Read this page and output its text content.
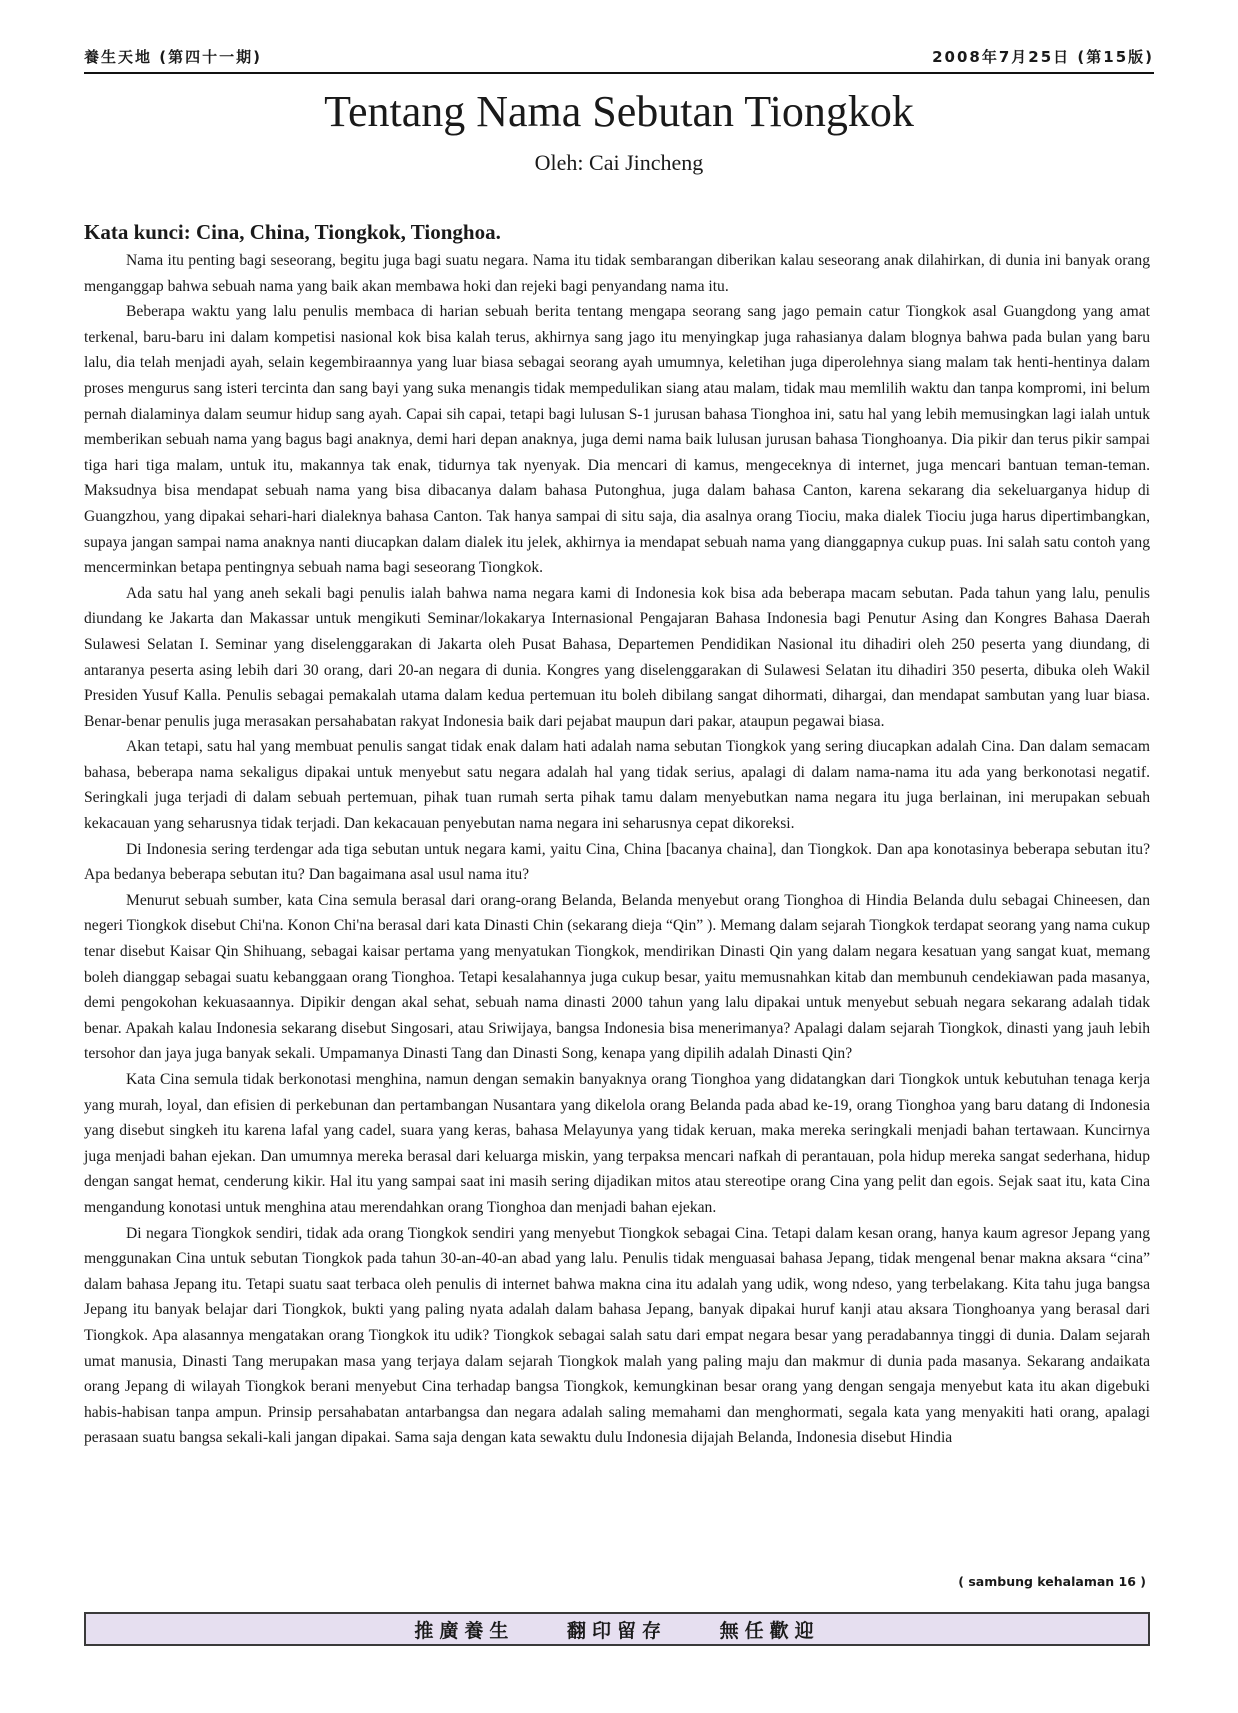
養生天地 (第四十一期)	2008年7月25日 (第15版)
Tentang Nama Sebutan Tiongkok
Oleh: Cai Jincheng
Kata kunci: Cina, China, Tiongkok, Tionghoa.

Nama itu penting bagi seseorang, begitu juga bagi suatu negara. Nama itu tidak sembarangan diberikan kalau seseorang anak dilahirkan, di dunia ini banyak orang menganggap bahwa sebuah nama yang baik akan membawa hoki dan rejeki bagi penyandang nama itu.

Beberapa waktu yang lalu penulis membaca di harian sebuah berita tentang mengapa seorang sang jago pemain catur Tiongkok asal Guangdong yang amat terkenal, baru-baru ini dalam kompetisi nasional kok bisa kalah terus, akhirnya sang jago itu menyingkap juga rahasianya dalam blognya bahwa pada bulan yang baru lalu, dia telah menjadi ayah, selain kegembiraannya yang luar biasa sebagai seorang ayah umumnya, keletihan juga diperolehnya siang malam tak henti-hentinya dalam proses mengurus sang isteri tercinta dan sang bayi yang suka menangis tidak mempedulikan siang atau malam, tidak mau memlilih waktu dan tanpa kompromi, ini belum pernah dialaminya dalam seumur hidup sang ayah. Capai sih capai, tetapi bagi lulusan S-1 jurusan bahasa Tionghoa ini, satu hal yang lebih memusingkan lagi ialah untuk memberikan sebuah nama yang bagus bagi anaknya, demi hari depan anaknya, juga demi nama baik lulusan jurusan bahasa Tionghoanya. Dia pikir dan terus pikir sampai tiga hari tiga malam, untuk itu, makannya tak enak, tidurnya tak nyenyak. Dia mencari di kamus, mengeceknya di internet, juga mencari bantuan teman-teman. Maksudnya bisa mendapat sebuah nama yang bisa dibacanya dalam bahasa Putonghua, juga dalam bahasa Canton, karena sekarang dia sekeluarganya hidup di Guangzhou, yang dipakai sehari-hari dialeknya bahasa Canton. Tak hanya sampai di situ saja, dia asalnya orang Tiociu, maka dialek Tiociu juga harus dipertimbangkan, supaya jangan sampai nama anaknya nanti diucapkan dalam dialek itu jelek, akhirnya ia mendapat sebuah nama yang dianggapnya cukup puas. Ini salah satu contoh yang mencerminkan betapa pentingnya sebuah nama bagi seseorang Tiongkok.

Ada satu hal yang aneh sekali bagi penulis ialah bahwa nama negara kami di Indonesia kok bisa ada beberapa macam sebutan. Pada tahun yang lalu, penulis diundang ke Jakarta dan Makassar untuk mengikuti Seminar/lokakarya Internasional Pengajaran Bahasa Indonesia bagi Penutur Asing dan Kongres Bahasa Daerah Sulawesi Selatan I. Seminar yang diselenggarakan di Jakarta oleh Pusat Bahasa, Departemen Pendidikan Nasional itu dihadiri oleh 250 peserta yang diundang, di antaranya peserta asing lebih dari 30 orang, dari 20-an negara di dunia. Kongres yang diselenggarakan di Sulawesi Selatan itu dihadiri 350 peserta, dibuka oleh Wakil Presiden Yusuf Kalla. Penulis sebagai pemakalah utama dalam kedua pertemuan itu boleh dibilang sangat dihormati, dihargai, dan mendapat sambutan yang luar biasa. Benar-benar penulis juga merasakan persahabatan rakyat Indonesia baik dari pejabat maupun dari pakar, ataupun pegawai biasa.

Akan tetapi, satu hal yang membuat penulis sangat tidak enak dalam hati adalah nama sebutan Tiongkok yang sering diucapkan adalah Cina. Dan dalam semacam bahasa, beberapa nama sekaligus dipakai untuk menyebut satu negara adalah hal yang tidak serius, apalagi di dalam nama-nama itu ada yang berkonotasi negatif. Seringkali juga terjadi di dalam sebuah pertemuan, pihak tuan rumah serta pihak tamu dalam menyebutkan nama negara itu juga berlainan, ini merupakan sebuah kekacauan yang seharusnya tidak terjadi. Dan kekacauan penyebutan nama negara ini seharusnya cepat dikoreksi.

Di Indonesia sering terdengar ada tiga sebutan untuk negara kami, yaitu Cina, China [bacanya chaina], dan Tiongkok. Dan apa konotasinya beberapa sebutan itu? Apa bedanya beberapa sebutan itu? Dan bagaimana asal usul nama itu?

Menurut sebuah sumber, kata Cina semula berasal dari orang-orang Belanda, Belanda menyebut orang Tionghoa di Hindia Belanda dulu sebagai Chineesen, dan negeri Tiongkok disebut Chi'na. Konon Chi'na berasal dari kata Dinasti Chin (sekarang dieja “Qin” ). Memang dalam sejarah Tiongkok terdapat seorang yang nama cukup tenar disebut Kaisar Qin Shihuang, sebagai kaisar pertama yang menyatukan Tiongkok, mendirikan Dinasti Qin yang dalam negara kesatuan yang sangat kuat, memang boleh dianggap sebagai suatu kebanggaan orang Tionghoa. Tetapi kesalahannya juga cukup besar, yaitu memusnahkan kitab dan membunuh cendekiawan pada masanya, demi pengokohan kekuasaannya. Dipikir dengan akal sehat, sebuah nama dinasti 2000 tahun yang lalu dipakai untuk menyebut sebuah negara sekarang adalah tidak benar. Apakah kalau Indonesia sekarang disebut Singosari, atau Sriwijaya, bangsa Indonesia bisa menerimanya? Apalagi dalam sejarah Tiongkok, dinasti yang jauh lebih tersohor dan jaya juga banyak sekali. Umpamanya Dinasti Tang dan Dinasti Song, kenapa yang dipilih adalah Dinasti Qin?

Kata Cina semula tidak berkonotasi menghina, namun dengan semakin banyaknya orang Tionghoa yang didatangkan dari Tiongkok untuk kebutuhan tenaga kerja yang murah, loyal, dan efisien di perkebunan dan pertambangan Nusantara yang dikelola orang Belanda pada abad ke-19, orang Tionghoa yang baru datang di Indonesia yang disebut singkeh itu karena lafal yang cadel, suara yang keras, bahasa Melayunya yang tidak keruan, maka mereka seringkali menjadi bahan tertawaan. Kuncirnya juga menjadi bahan ejekan. Dan umumnya mereka berasal dari keluarga miskin, yang terpaksa mencari nafkah di perantauan, pola hidup mereka sangat sederhana, hidup dengan sangat hemat, cenderung kikir. Hal itu yang sampai saat ini masih sering dijadikan mitos atau stereotipe orang Cina yang pelit dan egois. Sejak saat itu, kata Cina mengandung konotasi untuk menghina atau merendahkan orang Tionghoa dan menjadi bahan ejekan.

Di negara Tiongkok sendiri, tidak ada orang Tiongkok sendiri yang menyebut Tiongkok sebagai Cina. Tetapi dalam kesan orang, hanya kaum agresor Jepang yang menggunakan Cina untuk sebutan Tiongkok pada tahun 30-an-40-an abad yang lalu. Penulis tidak menguasai bahasa Jepang, tidak mengenal benar makna aksara “cina” dalam bahasa Jepang itu. Tetapi suatu saat terbaca oleh penulis di internet bahwa makna cina itu adalah yang udik, wong ndeso, yang terbelakang. Kita tahu juga bangsa Jepang itu banyak belajar dari Tiongkok, bukti yang paling nyata adalah dalam bahasa Jepang, banyak dipakai huruf kanji atau aksara Tionghoanya yang berasal dari Tiongkok. Apa alasannya mengatakan orang Tiongkok itu udik? Tiongkok sebagai salah satu dari empat negara besar yang peradabannya tinggi di dunia. Dalam sejarah umat manusia, Dinasti Tang merupakan masa yang terjaya dalam sejarah Tiongkok malah yang paling maju dan makmur di dunia pada masanya. Sekarang andaikata orang Jepang di wilayah Tiongkok berani menyebut Cina terhadap bangsa Tiongkok, kemungkinan besar orang yang dengan sengaja menyebut kata itu akan digebuki habis-habisan tanpa ampun. Prinsip persahabatan antarbangsa dan negara adalah saling memahami dan menghormati, segala kata yang menyakiti hati orang, apalagi perasaan suatu bangsa sekali-kali jangan dipakai. Sama saja dengan kata sewaktu dulu Indonesia dijajah Belanda, Indonesia disebut Hindia

( sambung kehalaman 16 )
推廣養生 翻印留存 無任歡迎
